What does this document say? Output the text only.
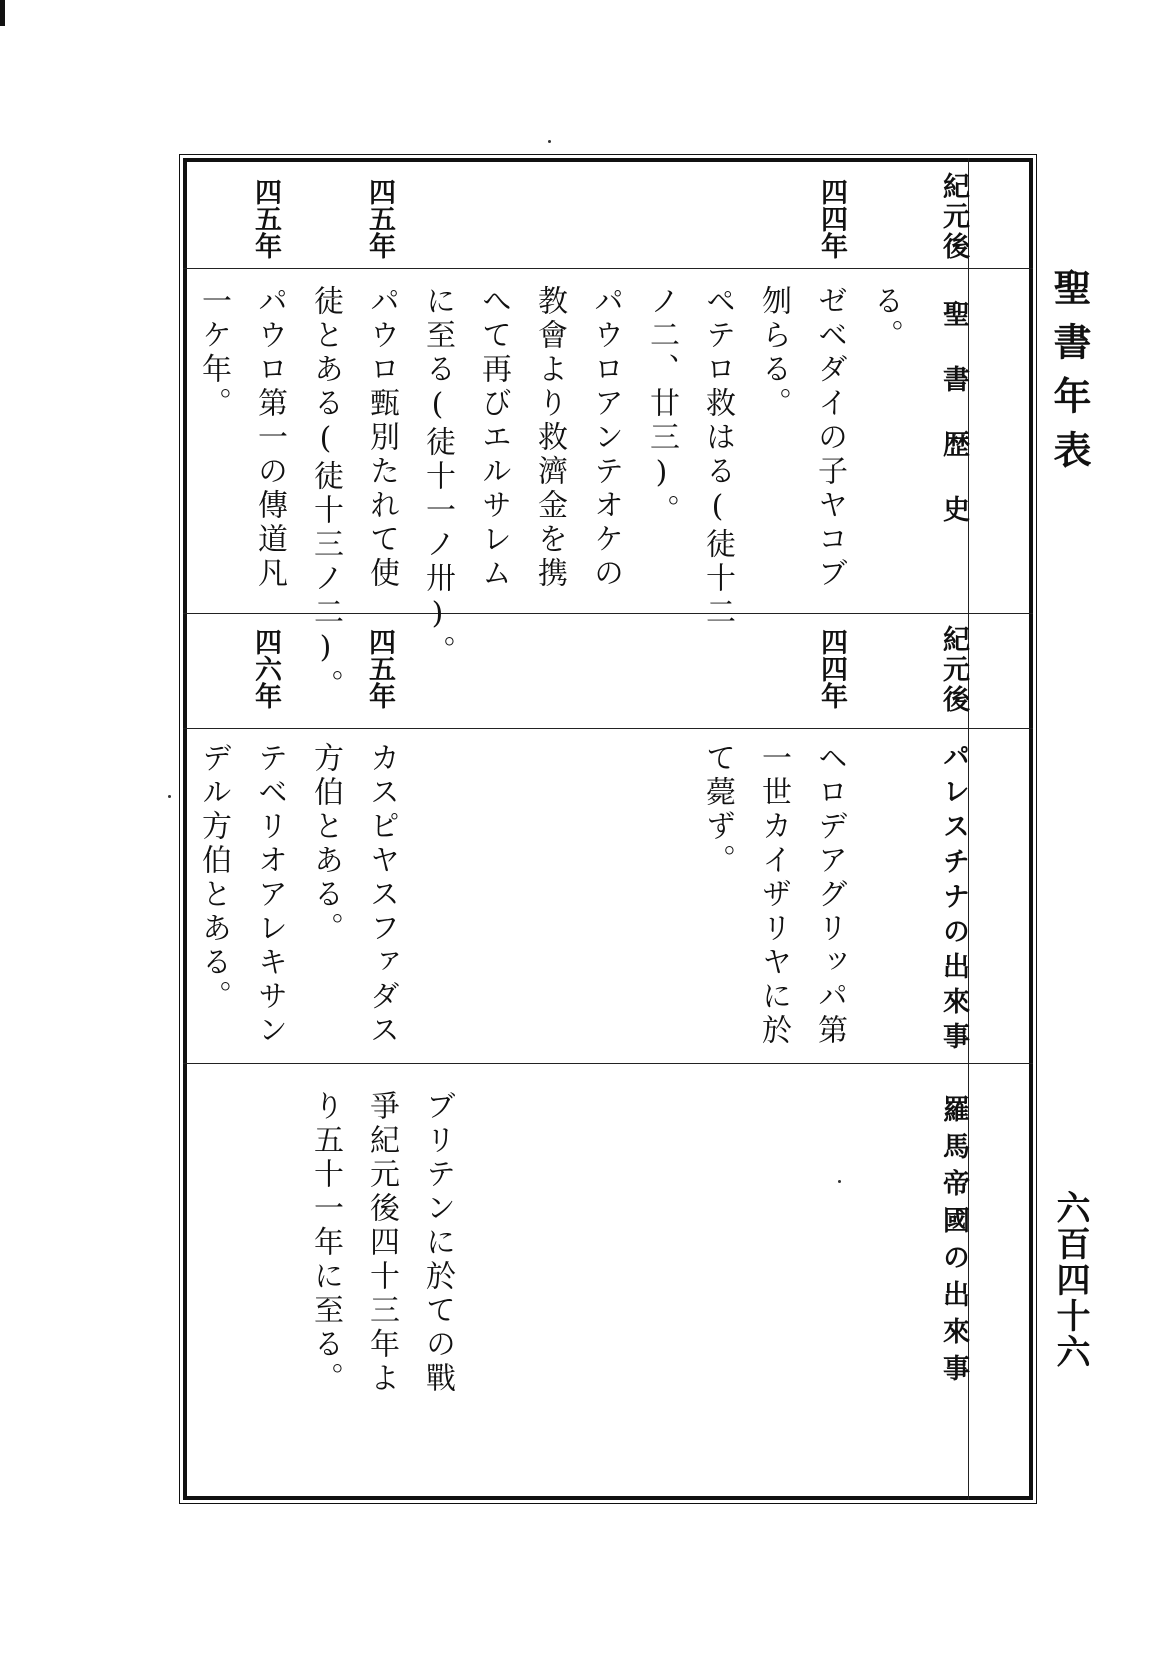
聖書年表
六百四十六
紀元後
聖書歴史
四四年
四五年
四五年
る。
ゼベダイの子ヤコブ
刎らる。
ペテロ救はる(徒十二
ノ二、廿三)。
パウロアンテオケの
教會より救濟金を携
へて再びエルサレム
に至る(徒十一ノ卅)。
パウロ甄別たれて使
徒とある(徒十三ノ二)。
パウロ第一の傳道凡
一ケ年。
紀元後
パレスチナの出來事
四四年
四五年
四六年
ヘロデアグリッパ第
一世カイザリヤに於
て薨ず。
カスピヤスファダス
方伯とある。
テベリオアレキサン
デル方伯とある。
羅馬帝國の出來事
ブリテンに於ての戰
爭紀元後四十三年よ
り五十一年に至る。
